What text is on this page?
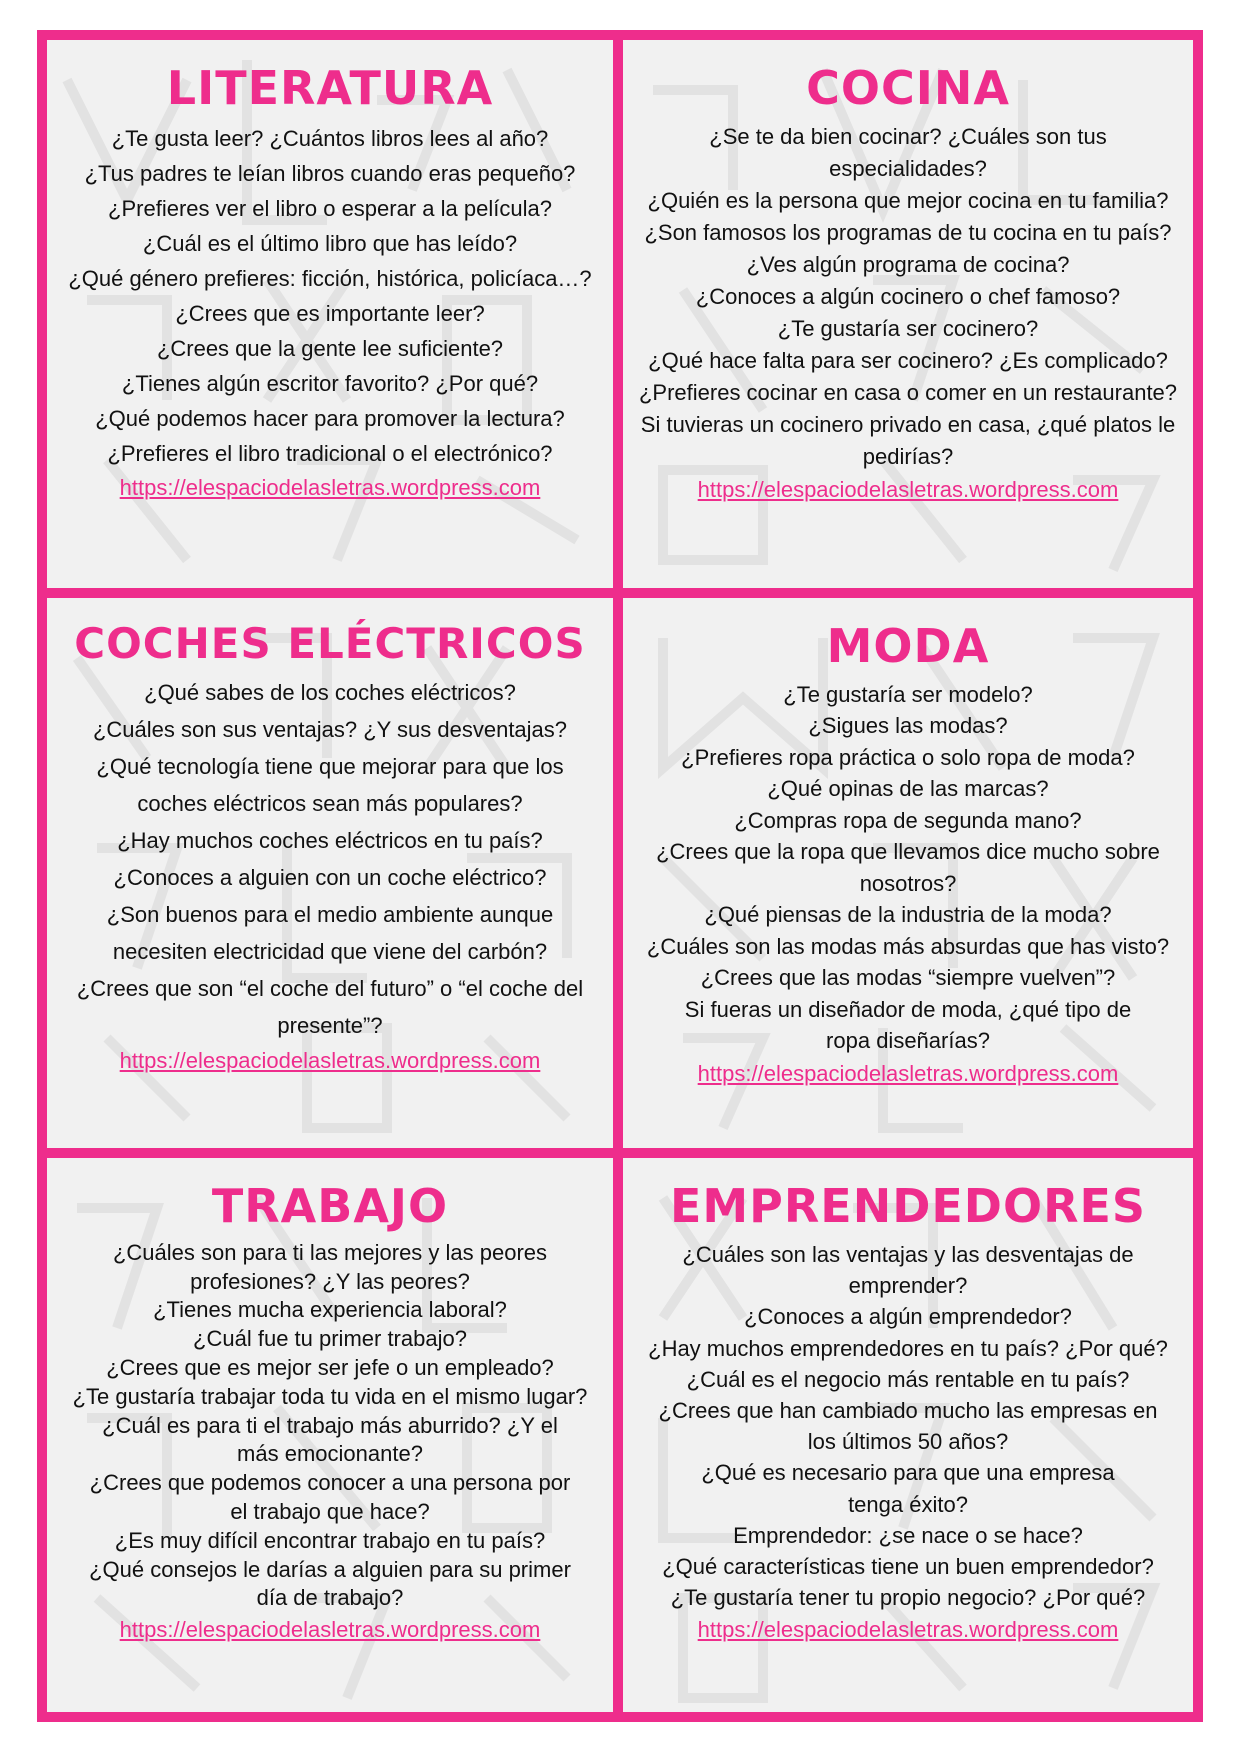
LITERATURA
¿Te gusta leer? ¿Cuántos libros lees al año?
¿Tus padres te leían libros cuando eras pequeño?
¿Prefieres ver el libro o esperar a la película?
¿Cuál es el último libro que has leído?
¿Qué género prefieres: ficción, histórica, policíaca…?
¿Crees que es importante leer?
¿Crees que la gente lee suficiente?
¿Tienes algún escritor favorito? ¿Por qué?
¿Qué podemos hacer para promover la lectura?
¿Prefieres el libro tradicional o el electrónico?
https://elespaciodelasletras.wordpress.com
COCINA
¿Se te da bien cocinar? ¿Cuáles son tus especialidades?
¿Quién es la persona que mejor cocina en tu familia?
¿Son famosos los programas de tu cocina en tu país?
¿Ves algún programa de cocina?
¿Conoces a algún cocinero o chef famoso?
¿Te gustaría ser cocinero?
¿Qué hace falta para ser cocinero? ¿Es complicado?
¿Prefieres cocinar en casa o comer en un restaurante?
Si tuvieras un cocinero privado en casa, ¿qué platos le pedirías?
https://elespaciodelasletras.wordpress.com
COCHES ELÉCTRICOS
¿Qué sabes de los coches eléctricos?
¿Cuáles son sus ventajas? ¿Y sus desventajas?
¿Qué tecnología tiene que mejorar para que los coches eléctricos sean más populares?
¿Hay muchos coches eléctricos en tu país?
¿Conoces a alguien con un coche eléctrico?
¿Son buenos para el medio ambiente aunque necesiten electricidad que viene del carbón?
¿Crees que son “el coche del futuro” o “el coche del presente”?
https://elespaciodelasletras.wordpress.com
MODA
¿Te gustaría ser modelo?
¿Sigues las modas?
¿Prefieres ropa práctica o solo ropa de moda?
¿Qué opinas de las marcas?
¿Compras ropa de segunda mano?
¿Crees que la ropa que llevamos dice mucho sobre nosotros?
¿Qué piensas de la industria de la moda?
¿Cuáles son las modas más absurdas que has visto?
¿Crees que las modas “siempre vuelven”?
Si fueras un diseñador de moda, ¿qué tipo de ropa diseñarías?
https://elespaciodelasletras.wordpress.com
TRABAJO
¿Cuáles son para ti las mejores y las peores profesiones? ¿Y las peores?
¿Tienes mucha experiencia laboral?
¿Cuál fue tu primer trabajo?
¿Crees que es mejor ser jefe o un empleado?
¿Te gustaría trabajar toda tu vida en el mismo lugar?
¿Cuál es para ti el trabajo más aburrido? ¿Y el más emocionante?
¿Crees que podemos conocer a una persona por el trabajo que hace?
¿Es muy difícil encontrar trabajo en tu país?
¿Qué consejos le darías a alguien para su primer día de trabajo?
https://elespaciodelasletras.wordpress.com
EMPRENDEDORES
¿Cuáles son las ventajas y las desventajas de emprender?
¿Conoces a algún emprendedor?
¿Hay muchos emprendedores en tu país? ¿Por qué?
¿Cuál es el negocio más rentable en tu país?
¿Crees que han cambiado mucho las empresas en los últimos 50 años?
¿Qué es necesario para que una empresa tenga éxito?
Emprendedor: ¿se nace o se hace?
¿Qué características tiene un buen emprendedor?
¿Te gustaría tener tu propio negocio? ¿Por qué?
https://elespaciodelasletras.wordpress.com
